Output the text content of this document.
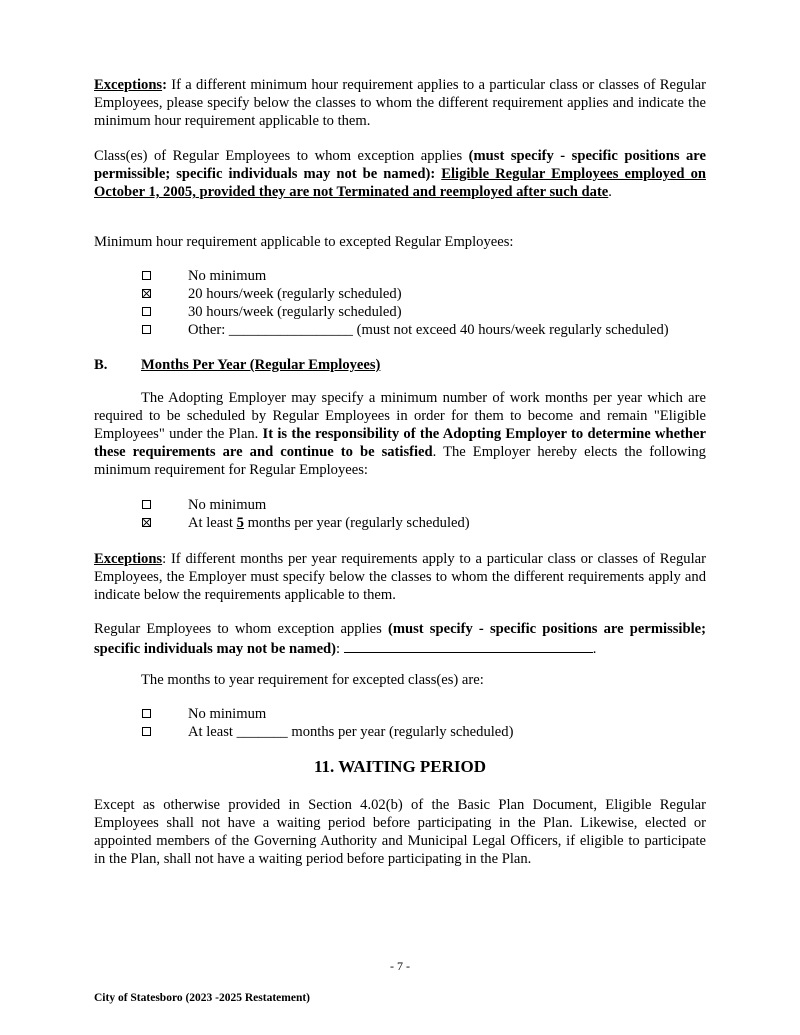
Exceptions: If a different minimum hour requirement applies to a particular class or classes of Regular Employees, please specify below the classes to whom the different requirement applies and indicate the minimum hour requirement applicable to them.
Class(es) of Regular Employees to whom exception applies (must specify - specific positions are permissible; specific individuals may not be named): Eligible Regular Employees employed on October 1, 2005, provided they are not Terminated and reemployed after such date.
Minimum hour requirement applicable to excepted Regular Employees:
No minimum
20 hours/week (regularly scheduled)
30 hours/week (regularly scheduled)
Other: _________________ (must not exceed 40 hours/week regularly scheduled)
B. Months Per Year (Regular Employees)
The Adopting Employer may specify a minimum number of work months per year which are required to be scheduled by Regular Employees in order for them to become and remain "Eligible Employees" under the Plan. It is the responsibility of the Adopting Employer to determine whether these requirements are and continue to be satisfied. The Employer hereby elects the following minimum requirement for Regular Employees:
No minimum
At least 5 months per year (regularly scheduled)
Exceptions: If different months per year requirements apply to a particular class or classes of Regular Employees, the Employer must specify below the classes to whom the different requirements apply and indicate below the requirements applicable to them.
Regular Employees to whom exception applies (must specify - specific positions are permissible; specific individuals may not be named):	.
The months to year requirement for excepted class(es) are:
No minimum
At least _______ months per year (regularly scheduled)
11. WAITING PERIOD
Except as otherwise provided in Section 4.02(b) of the Basic Plan Document, Eligible Regular Employees shall not have a waiting period before participating in the Plan. Likewise, elected or appointed members of the Governing Authority and Municipal Legal Officers, if eligible to participate in the Plan, shall not have a waiting period before participating in the Plan.
- 7 -
City of Statesboro (2023 -2025 Restatement)
